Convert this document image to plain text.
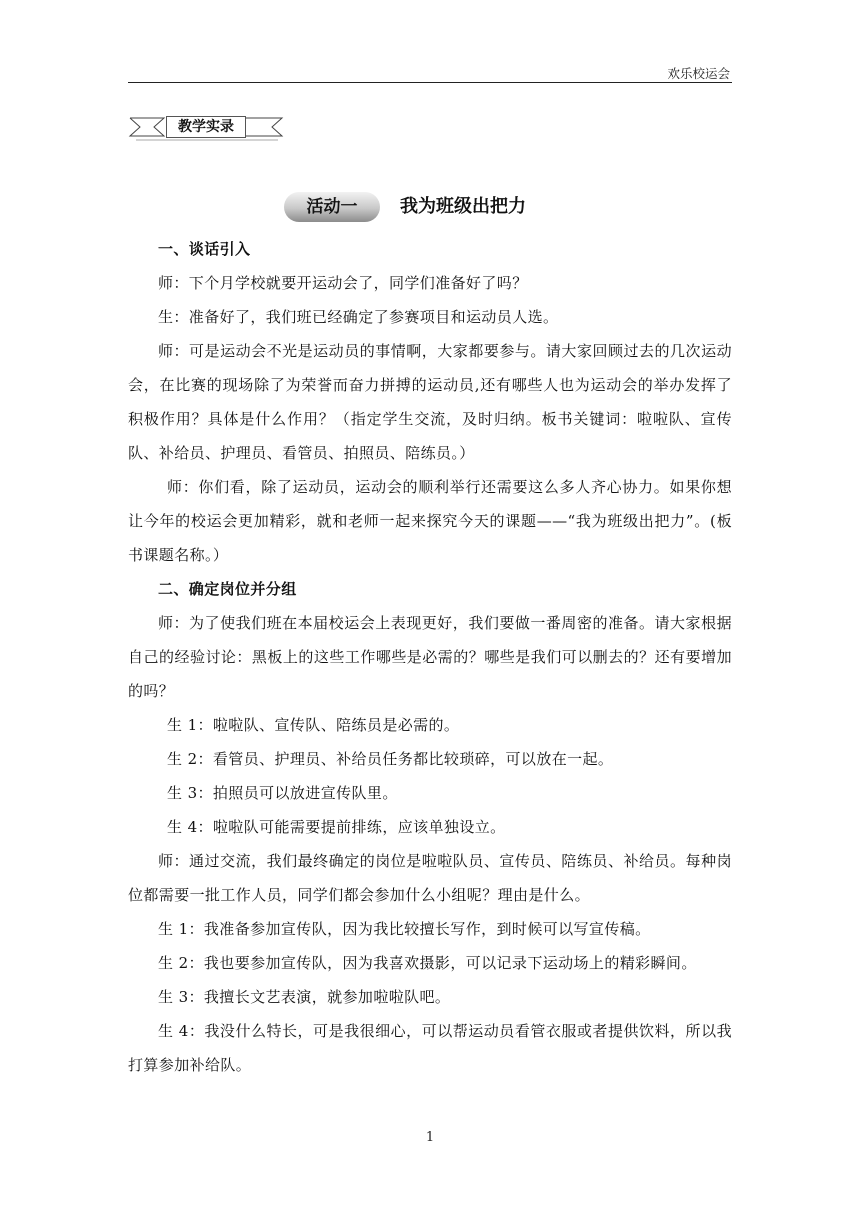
欢乐校运会
教学实录
活动一	我为班级出把力

一、谈话引入

师：下个月学校就要开运动会了，同学们准备好了吗？

生：准备好了，我们班已经确定了参赛项目和运动员人选。

师：可是运动会不光是运动员的事情啊，大家都要参与。请大家回顾过去的几次运动会，在比赛的现场除了为荣誉而奋力拼搏的运动员,还有哪些人也为运动会的举办发挥了积极作用？具体是什么作用？（指定学生交流，及时归纳。板书关键词：啦啦队、宣传队、补给员、护理员、看管员、拍照员、陪练员。）

师：你们看，除了运动员，运动会的顺利举行还需要这么多人齐心协力。如果你想让今年的校运会更加精彩，就和老师一起来探究今天的课题——“我为班级出把力”。(板书课题名称。）

二、确定岗位并分组

师：为了使我们班在本届校运会上表现更好，我们要做一番周密的准备。请大家根据自己的经验讨论：黑板上的这些工作哪些是必需的？哪些是我们可以删去的？还有要增加的吗？

生 1：啦啦队、宣传队、陪练员是必需的。

生 2：看管员、护理员、补给员任务都比较琐碎，可以放在一起。

生 3：拍照员可以放进宣传队里。

生 4：啦啦队可能需要提前排练，应该单独设立。

师：通过交流，我们最终确定的岗位是啦啦队员、宣传员、陪练员、补给员。每种岗位都需要一批工作人员，同学们都会参加什么小组呢？理由是什么。

生 1：我准备参加宣传队，因为我比较擅长写作，到时候可以写宣传稿。

生 2：我也要参加宣传队，因为我喜欢摄影，可以记录下运动场上的精彩瞬间。

生 3：我擅长文艺表演，就参加啦啦队吧。

生 4：我没什么特长，可是我很细心，可以帮运动员看管衣服或者提供饮料，所以我打算参加补给队。

1
